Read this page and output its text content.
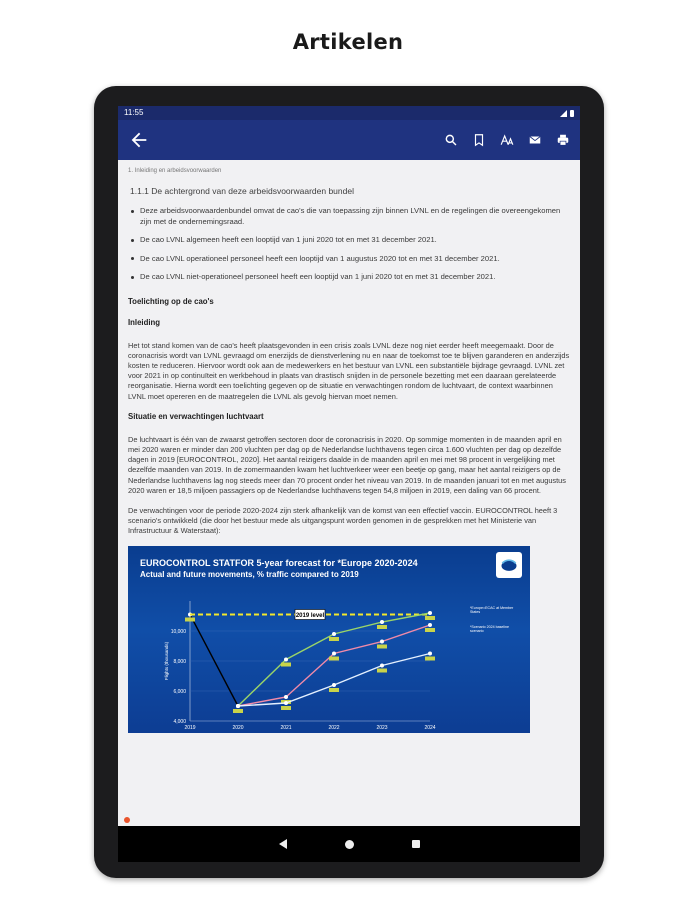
Artikelen
11:55
1. Inleiding en arbeidsvoorwaarden
1.1.1 De achtergrond van deze arbeidsvoorwaarden bundel
Deze arbeidsvoorwaardenbundel omvat de cao's die van toepassing zijn binnen LVNL en de regelingen die overeengekomen zijn met de ondernemingsraad.
De cao LVNL algemeen heeft een looptijd van 1 juni 2020 tot en met 31 december 2021.
De cao LVNL operationeel personeel heeft een looptijd van 1 augustus 2020 tot en met 31 december 2021.
De cao LVNL niet-operationeel personeel heeft een looptijd van 1 juni 2020 tot en met 31 december 2021.
Toelichting op de cao's
Inleiding
Het tot stand komen van de cao's heeft plaatsgevonden in een crisis zoals LVNL deze nog niet eerder heeft meegemaakt. Door de coronacrisis wordt van LVNL gevraagd om enerzijds de dienstverlening nu en naar de toekomst toe te blijven garanderen en anderzijds kosten te reduceren. Hiervoor wordt ook aan de medewerkers en het bestuur van LVNL een substantiële bijdrage gevraagd. LVNL zet voor 2021 in op continuïteit en werkbehoud in plaats van drastisch snijden in de personele bezetting met een daaraan gerelateerde reorganisatie. Hierna wordt een toelichting gegeven op de situatie en verwachtingen rondom de luchtvaart, de context waarbinnen LVNL moet opereren en de maatregelen die LVNL als gevolg hiervan moet nemen.
Situatie en verwachtingen luchtvaart
De luchtvaart is één van de zwaarst getroffen sectoren door de coronacrisis in 2020. Op sommige momenten in de maanden april en mei 2020 waren er minder dan 200 vluchten per dag op de Nederlandse luchthavens tegen circa 1.600 vluchten per dag op dezelfde dagen in 2019 [EUROCONTROL, 2020]. Het aantal reizigers daalde in de maanden april en mei met 98 procent in vergelijking met dezelfde maanden van 2019. In de zomermaanden kwam het luchtverkeer weer een beetje op gang, maar het aantal reizigers op de Nederlandse luchthavens lag nog steeds meer dan 70 procent onder het niveau van 2019. In de maanden januari tot en met augustus 2020 waren er 18,5 miljoen passagiers op de Nederlandse luchthavens tegen 54,8 miljoen in 2019, een daling van 66 procent.
De verwachtingen voor de periode 2020-2024 zijn sterk afhankelijk van de komst van een effectief vaccin. EUROCONTROL heeft 3 scenario's ontwikkeld (die door het bestuur mede als uitgangspunt worden genomen in de gesprekken met het Ministerie van Infrastructuur & Waterstaat):
EUROCONTROL STATFOR 5-year forecast for *Europe 2020-2024
Actual and future movements, % traffic compared to 2019
4,000
6,000
8,000
10,000
2019	2020	2021	2022	2023	2024
Flights (thousands)
2019 level
*Europe=ECAC at Member States
*Scenario 2024 baseline scenario
